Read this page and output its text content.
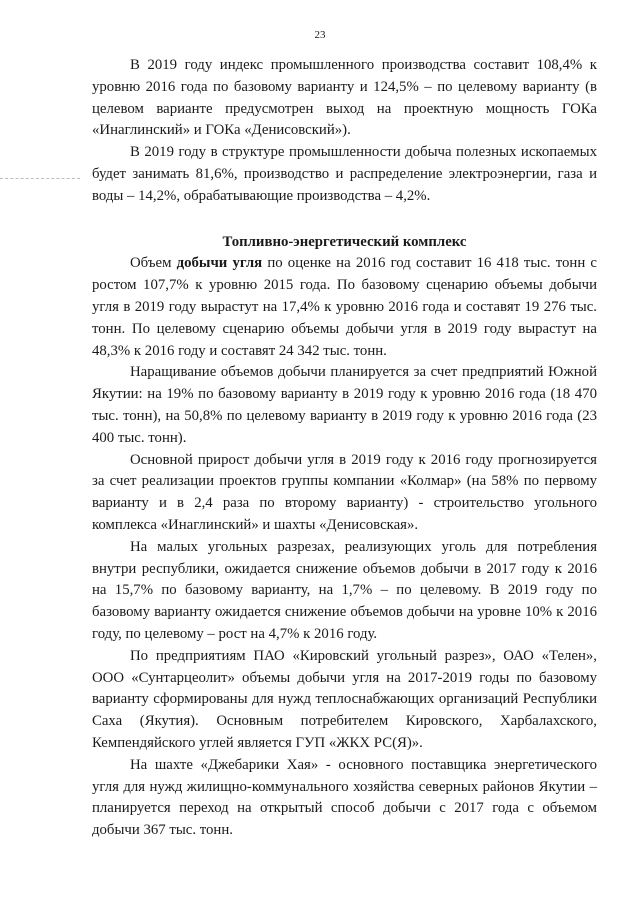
23

В 2019 году индекс промышленного производства составит 108,4% к уровню 2016 года по базовому варианту и 124,5% – по целевому варианту (в целевом варианте предусмотрен выход на проектную мощность ГОКа «Инаглинский» и ГОКа «Денисовский»).

В 2019 году в структуре промышленности добыча полезных ископаемых будет занимать 81,6%, производство и распределение электроэнергии, газа и воды – 14,2%, обрабатывающие производства – 4,2%.

Топливно-энергетический комплекс

Объем добычи угля по оценке на 2016 год составит 16 418 тыс. тонн с ростом 107,7% к уровню 2015 года. По базовому сценарию объемы добычи угля в 2019 году вырастут на 17,4% к уровню 2016 года и составят 19 276 тыс. тонн. По целевому сценарию объемы добычи угля в 2019 году вырастут на 48,3% к 2016 году и составят 24 342 тыс. тонн.

Наращивание объемов добычи планируется за счет предприятий Южной Якутии: на 19% по базовому варианту в 2019 году к уровню 2016 года (18 470 тыс. тонн), на 50,8% по целевому варианту в 2019 году к уровню 2016 года (23 400 тыс. тонн).

Основной прирост добычи угля в 2019 году к 2016 году прогнозируется за счет реализации проектов группы компании «Колмар» (на 58% по первому варианту и в 2,4 раза по второму варианту) - строительство угольного комплекса «Инаглинский» и шахты «Денисовская».

На малых угольных разрезах, реализующих уголь для потребления внутри республики, ожидается снижение объемов добычи в 2017 году к 2016 на 15,7% по базовому варианту, на 1,7% – по целевому. В 2019 году по базовому варианту ожидается снижение объемов добычи на уровне 10% к 2016 году, по целевому – рост на 4,7% к 2016 году.

По предприятиям ПАО «Кировский угольный разрез», ОАО «Телен», ООО «Сунтарцеолит» объемы добычи угля на 2017-2019 годы по базовому варианту сформированы для нужд теплоснабжающих организаций Республики Саха (Якутия). Основным потребителем Кировского, Харбалахского, Кемпендяйского углей является ГУП «ЖКХ РС(Я)».

На шахте «Джебарики Хая» - основного поставщика энергетического угля для нужд жилищно-коммунального хозяйства северных районов Якутии – планируется переход на открытый способ добычи с 2017 года с объемом добычи 367 тыс. тонн.
